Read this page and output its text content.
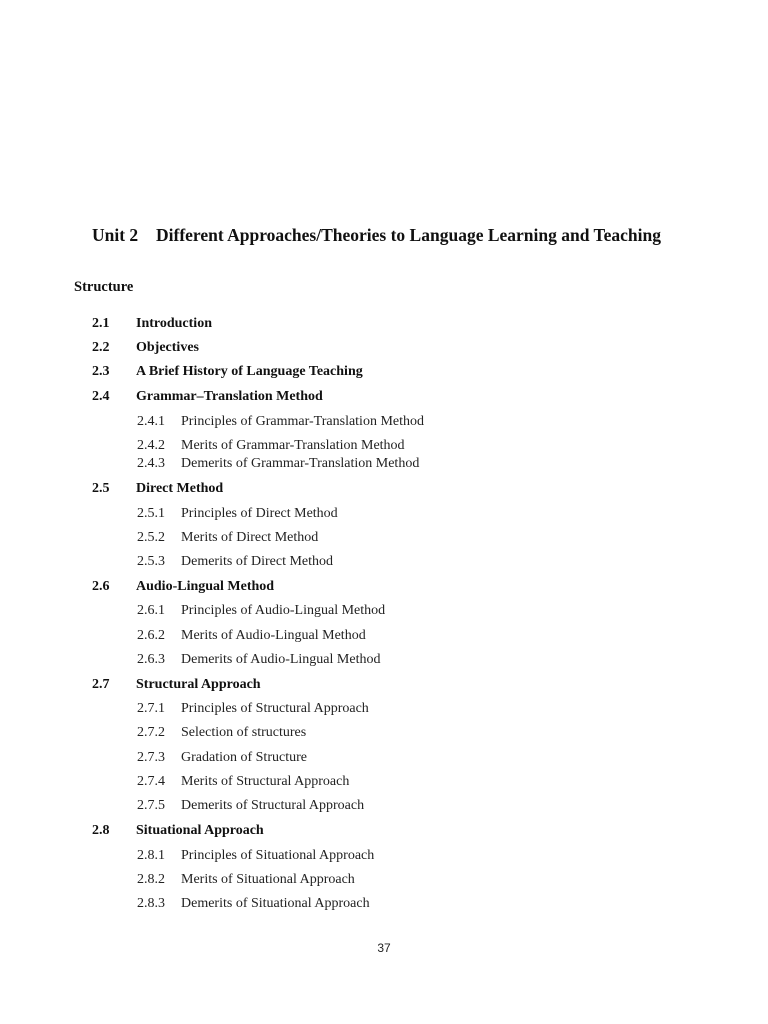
Unit 2 Different Approaches/Theories to Language Learning and Teaching
Structure
2.1 Introduction
2.2 Objectives
2.3 A Brief History of Language Teaching
2.4 Grammar–Translation Method
2.4.1 Principles of Grammar-Translation Method
2.4.2 Merits of Grammar-Translation Method
2.4.3 Demerits of Grammar-Translation Method
2.5 Direct Method
2.5.1 Principles of Direct Method
2.5.2 Merits of Direct Method
2.5.3 Demerits of Direct Method
2.6 Audio-Lingual Method
2.6.1 Principles of Audio-Lingual Method
2.6.2 Merits of Audio-Lingual Method
2.6.3 Demerits of Audio-Lingual Method
2.7 Structural Approach
2.7.1 Principles of Structural Approach
2.7.2 Selection of structures
2.7.3 Gradation of Structure
2.7.4 Merits of Structural Approach
2.7.5 Demerits of Structural Approach
2.8 Situational Approach
2.8.1 Principles of Situational Approach
2.8.2 Merits of Situational Approach
2.8.3 Demerits of Situational Approach
37
